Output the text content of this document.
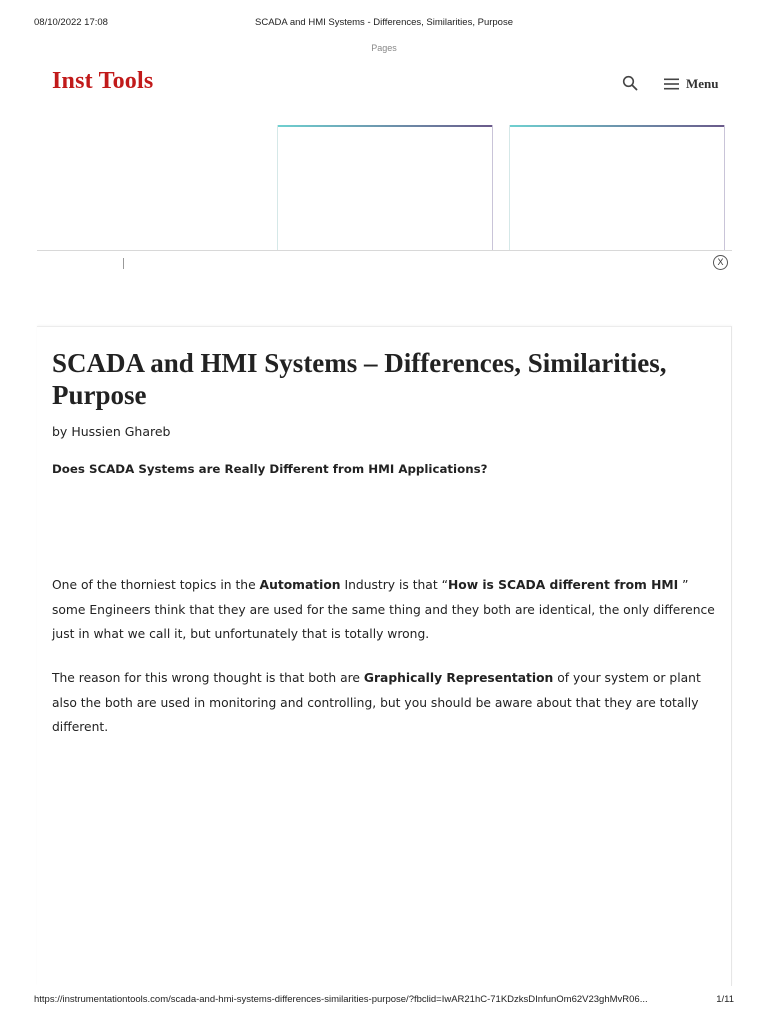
08/10/2022 17:08	SCADA and HMI Systems - Differences, Similarities, Purpose
Pages
Inst Tools	Menu
X
SCADA and HMI Systems – Differences, Similarities, Purpose
by Hussien Ghareb
Does SCADA Systems are Really Different from HMI Applications?

One of the thorniest topics in the Automation Industry is that “How is SCADA different from HMI ” some Engineers think that they are used for the same thing and they both are identical, the only difference just in what we call it, but unfortunately that is totally wrong.

The reason for this wrong thought is that both are Graphically Representation of your system or plant also the both are used in monitoring and controlling, but you should be aware about that they are totally different.

https://instrumentationtools.com/scada-and-hmi-systems-differences-similarities-purpose/?fbclid=IwAR21hC-71KDzksDInfunOm62V23ghMvR06...	1/11
